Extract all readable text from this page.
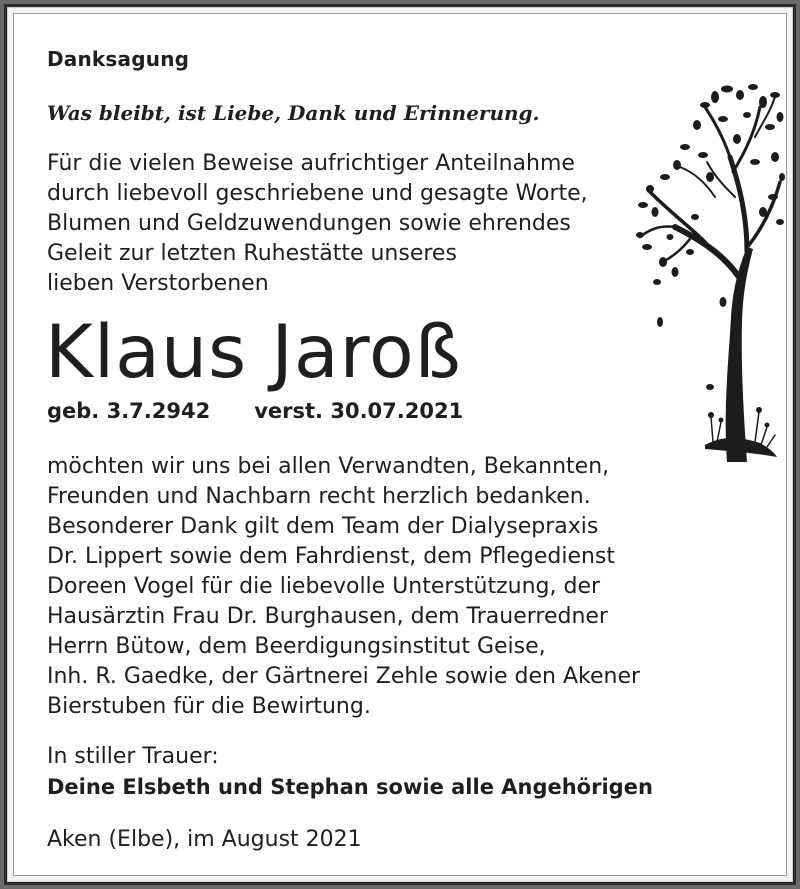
Danksagung
Was bleibt, ist Liebe, Dank und Erinnerung.
Für die vielen Beweise aufrichtiger Anteilnahme
durch liebevoll geschriebene und gesagte Worte,
Blumen und Geldzuwendungen sowie ehrendes
Geleit zur letzten Ruhestätte unseres
lieben Verstorbenen
Klaus Jaroß
geb. 3.7.2942 verst. 30.07.2021
möchten wir uns bei allen Verwandten, Bekannten,
Freunden und Nachbarn recht herzlich bedanken.
Besonderer Dank gilt dem Team der Dialysepraxis
Dr. Lippert sowie dem Fahrdienst, dem Pflegedienst
Doreen Vogel für die liebevolle Unterstützung, der
Hausärztin Frau Dr. Burghausen, dem Trauerredner
Herrn Bütow, dem Beerdigungsinstitut Geise,
Inh. R. Gaedke, der Gärtnerei Zehle sowie den Akener
Bierstuben für die Bewirtung.
In stiller Trauer:
Deine Elsbeth und Stephan sowie alle Angehörigen
Aken (Elbe), im August 2021
